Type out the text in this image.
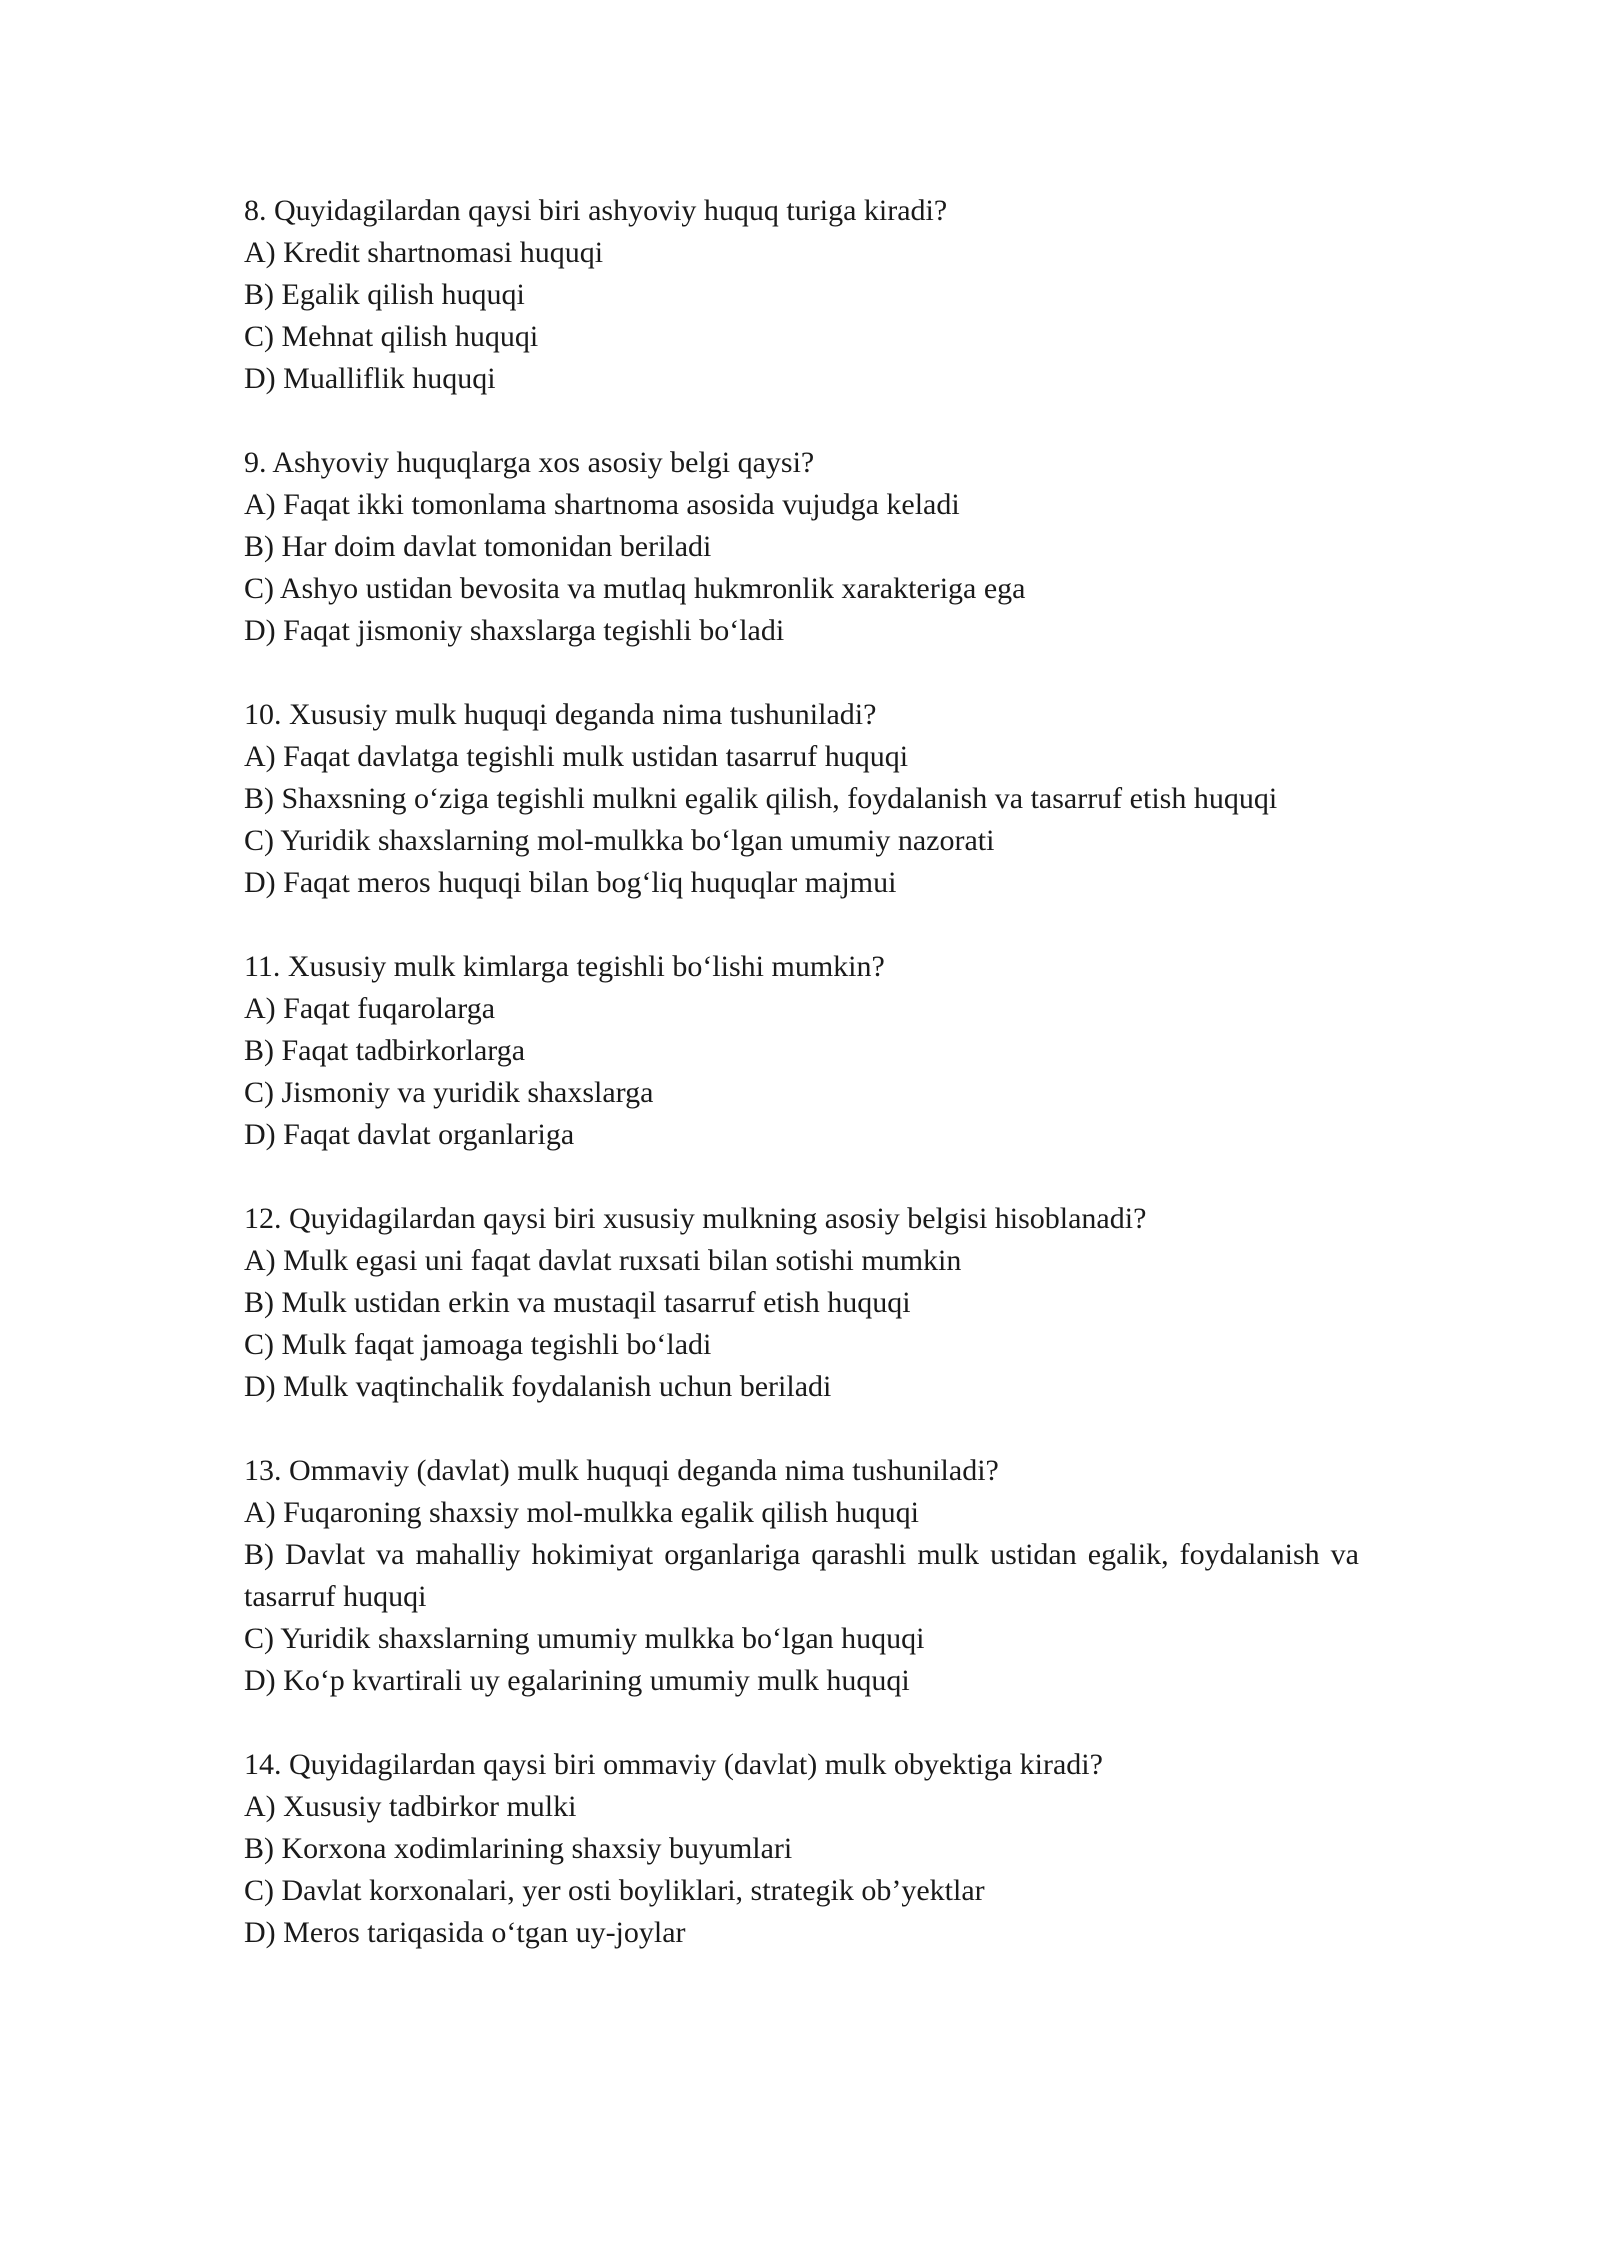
8. Quyidagilardan qaysi biri ashyoviy huquq turiga kiradi?

A) Kredit shartnomasi huquqi

B) Egalik qilish huquqi

C) Mehnat qilish huquqi

D) Mualliflik huquqi

9. Ashyoviy huquqlarga xos asosiy belgi qaysi?

A) Faqat ikki tomonlama shartnoma asosida vujudga keladi

B) Har doim davlat tomonidan beriladi

C) Ashyo ustidan bevosita va mutlaq hukmronlik xarakteriga ega

D) Faqat jismoniy shaxslarga tegishli bo‘ladi

10. Xususiy mulk huquqi deganda nima tushuniladi?

A) Faqat davlatga tegishli mulk ustidan tasarruf huquqi

B) Shaxsning o‘ziga tegishli mulkni egalik qilish, foydalanish va tasarruf etish huquqi

C) Yuridik shaxslarning mol-mulkka bo‘lgan umumiy nazorati

D) Faqat meros huquqi bilan bog‘liq huquqlar majmui

11. Xususiy mulk kimlarga tegishli bo‘lishi mumkin?

A) Faqat fuqarolarga

B) Faqat tadbirkorlarga

C) Jismoniy va yuridik shaxslarga

D) Faqat davlat organlariga

12. Quyidagilardan qaysi biri xususiy mulkning asosiy belgisi hisoblanadi?

A) Mulk egasi uni faqat davlat ruxsati bilan sotishi mumkin

B) Mulk ustidan erkin va mustaqil tasarruf etish huquqi

C) Mulk faqat jamoaga tegishli bo‘ladi

D) Mulk vaqtinchalik foydalanish uchun beriladi

13. Ommaviy (davlat) mulk huquqi deganda nima tushuniladi?

A) Fuqaroning shaxsiy mol-mulkka egalik qilish huquqi

B) Davlat va mahalliy hokimiyat organlariga qarashli mulk ustidan egalik, foydalanish va tasarruf huquqi

C) Yuridik shaxslarning umumiy mulkka bo‘lgan huquqi

D) Ko‘p kvartirali uy egalarining umumiy mulk huquqi

14. Quyidagilardan qaysi biri ommaviy (davlat) mulk obyektiga kiradi?

A) Xususiy tadbirkor mulki

B) Korxona xodimlarining shaxsiy buyumlari

C) Davlat korxonalari, yer osti boyliklari, strategik ob’yektlar

D) Meros tariqasida o‘tgan uy-joylar
